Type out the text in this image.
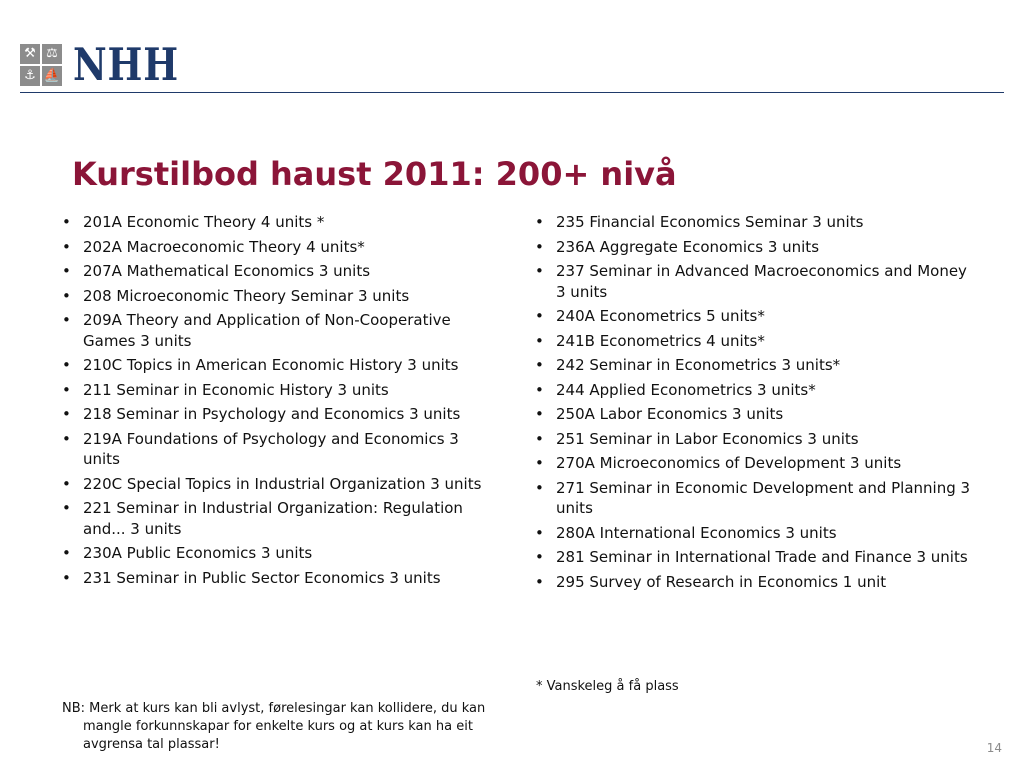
⚒ ⚖
⚓ ⛵ NHH
Kurstilbod haust 2011: 200+ nivå
• 201A Economic Theory 4 units *
• 202A Macroeconomic Theory 4 units*
• 207A Mathematical Economics 3 units
• 208 Microeconomic Theory Seminar 3 units
• 209A Theory and Application of Non-Cooperative Games 3 units
• 210C Topics in American Economic History 3 units
• 211 Seminar in Economic History 3 units
• 218 Seminar in Psychology and Economics 3 units
• 219A Foundations of Psychology and Economics 3 units
• 220C Special Topics in Industrial Organization 3 units
• 221 Seminar in Industrial Organization: Regulation and... 3 units
• 230A Public Economics 3 units
• 231 Seminar in Public Sector Economics 3 units
• 235 Financial Economics Seminar 3 units
• 236A Aggregate Economics 3 units
• 237 Seminar in Advanced Macroeconomics and Money 3 units
• 240A Econometrics 5 units*
• 241B Econometrics 4 units*
• 242 Seminar in Econometrics 3 units*
• 244 Applied Econometrics 3 units*
• 250A Labor Economics 3 units
• 251 Seminar in Labor Economics 3 units
• 270A Microeconomics of Development 3 units
• 271 Seminar in Economic Development and Planning 3 units
• 280A International Economics 3 units
• 281 Seminar in International Trade and Finance 3 units
• 295 Survey of Research in Economics 1 unit

* Vanskeleg å få plass

NB: Merk at kurs kan bli avlyst, førelesingar kan kollidere, du kan mangle forkunnskapar for enkelte kurs og at kurs kan ha eit avgrensa tal plassar!	14
